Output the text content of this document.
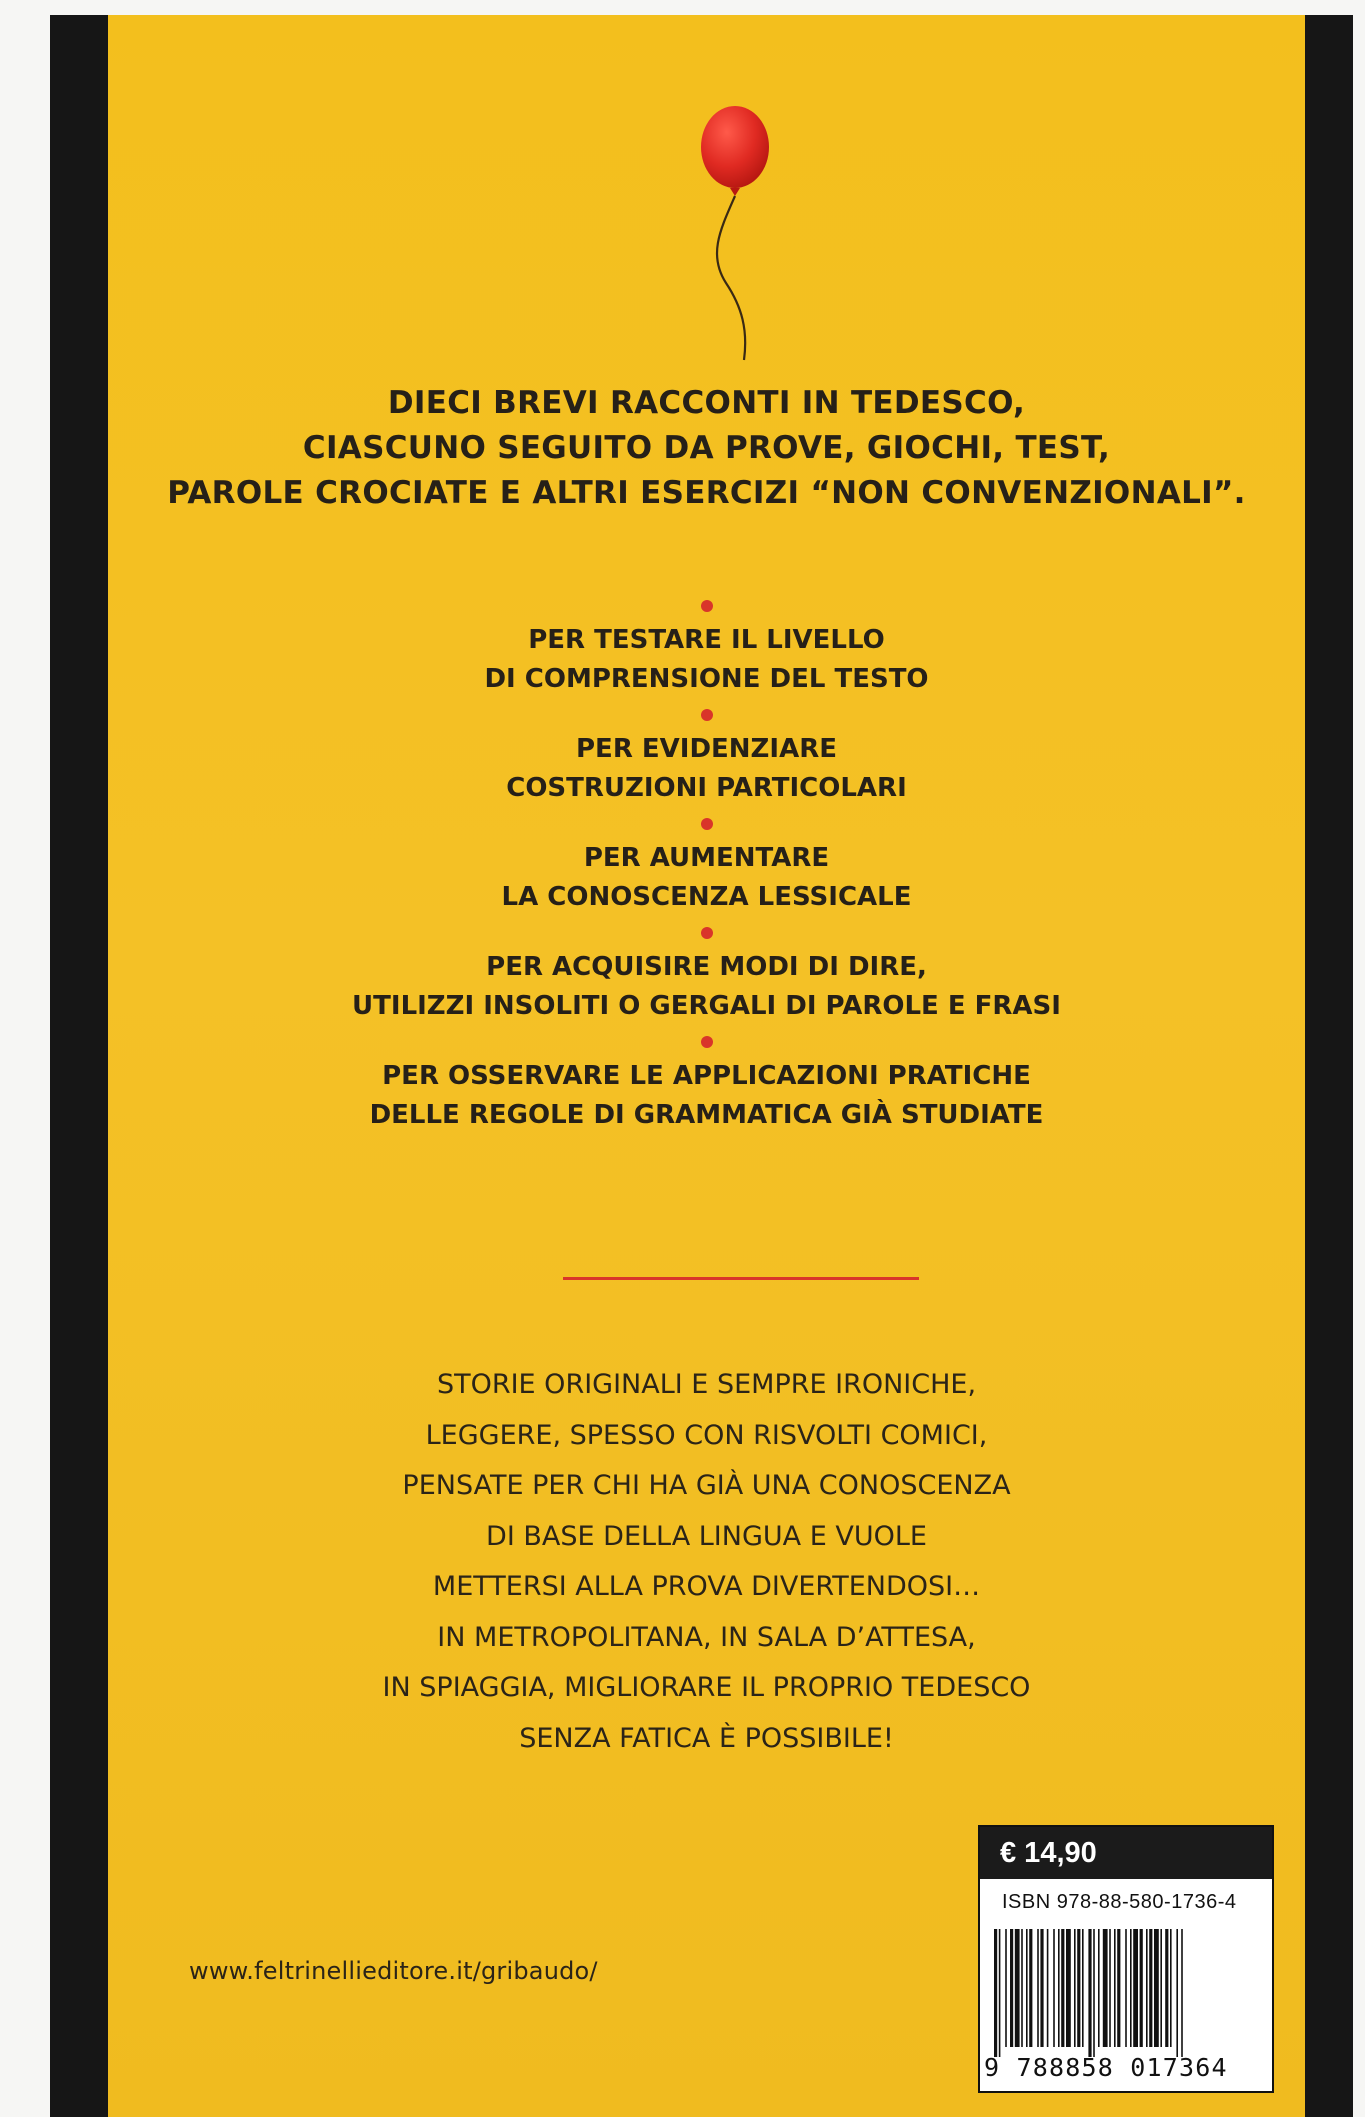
DIECI BREVI RACCONTI IN TEDESCO,
CIASCUNO SEGUITO DA PROVE, GIOCHI, TEST,
PAROLE CROCIATE E ALTRI ESERCIZI “NON CONVENZIONALI”.
PER TESTARE IL LIVELLO
DI COMPRENSIONE DEL TESTO
PER EVIDENZIARE
COSTRUZIONI PARTICOLARI
PER AUMENTARE
LA CONOSCENZA LESSICALE
PER ACQUISIRE MODI DI DIRE,
UTILIZZI INSOLITI O GERGALI DI PAROLE E FRASI
PER OSSERVARE LE APPLICAZIONI PRATICHE
DELLE REGOLE DI GRAMMATICA GIÀ STUDIATE
STORIE ORIGINALI E SEMPRE IRONICHE,
LEGGERE, SPESSO CON RISVOLTI COMICI,
PENSATE PER CHI HA GIÀ UNA CONOSCENZA
DI BASE DELLA LINGUA E VUOLE
METTERSI ALLA PROVA DIVERTENDOSI…
IN METROPOLITANA, IN SALA D’ATTESA,
IN SPIAGGIA, MIGLIORARE IL PROPRIO TEDESCO
SENZA FATICA È POSSIBILE!
www.feltrinellieditore.it/gribaudo/
€ 14,90
ISBN 978-88-580-1736-4
9 788858 017364
